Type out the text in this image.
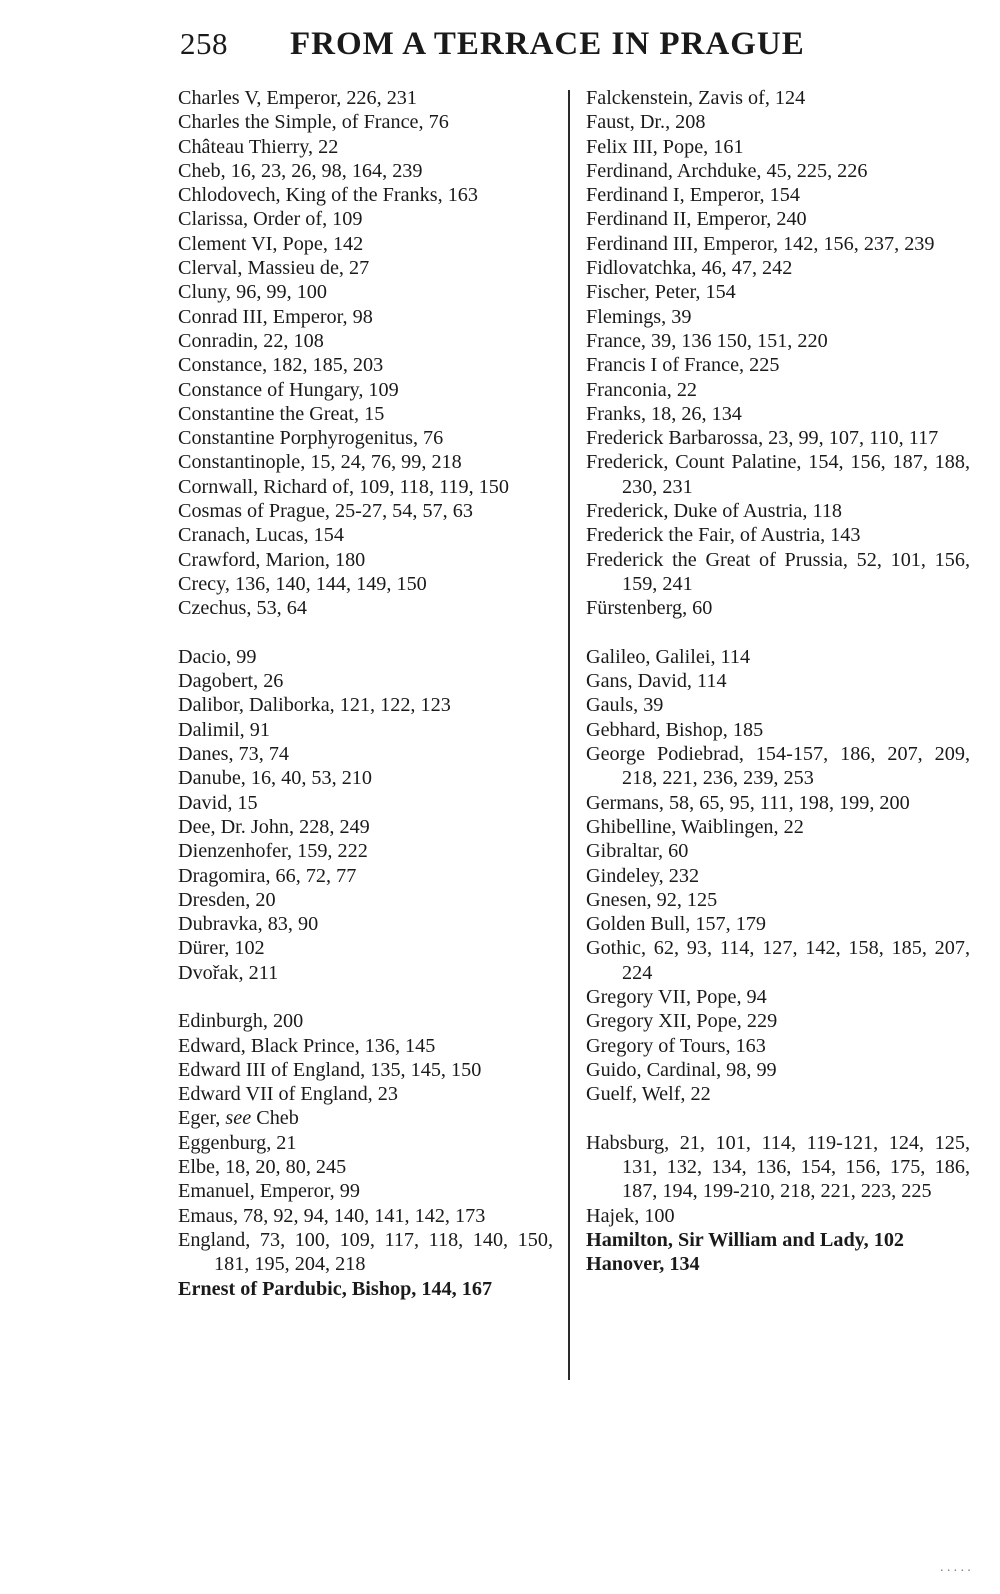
258 FROM A TERRACE IN PRAGUE
Charles V, Emperor, 226, 231
Charles the Simple, of France, 76
Château Thierry, 22
Cheb, 16, 23, 26, 98, 164, 239
Chlodovech, King of the Franks, 163
Clarissa, Order of, 109
Clement VI, Pope, 142
Clerval, Massieu de, 27
Cluny, 96, 99, 100
Conrad III, Emperor, 98
Conradin, 22, 108
Constance, 182, 185, 203
Constance of Hungary, 109
Constantine the Great, 15
Constantine Porphyrogenitus, 76
Constantinople, 15, 24, 76, 99, 218
Cornwall, Richard of, 109, 118, 119, 150
Cosmas of Prague, 25-27, 54, 57, 63
Cranach, Lucas, 154
Crawford, Marion, 180
Crecy, 136, 140, 144, 149, 150
Czechus, 53, 64
Dacio, 99
Dagobert, 26
Dalibor, Daliborka, 121, 122, 123
Dalimil, 91
Danes, 73, 74
Danube, 16, 40, 53, 210
David, 15
Dee, Dr. John, 228, 249
Dienzenhofer, 159, 222
Dragomira, 66, 72, 77
Dresden, 20
Dubravka, 83, 90
Dürer, 102
Dvořak, 211
Edinburgh, 200
Edward, Black Prince, 136, 145
Edward III of England, 135, 145, 150
Edward VII of England, 23
Eger, see Cheb
Eggenburg, 21
Elbe, 18, 20, 80, 245
Emanuel, Emperor, 99
Emaus, 78, 92, 94, 140, 141, 142, 173
England, 73, 100, 109, 117, 118, 140, 150, 181, 195, 204, 218
Ernest of Pardubic, Bishop, 144, 167
Falckenstein, Zavis of, 124
Faust, Dr., 208
Felix III, Pope, 161
Ferdinand, Archduke, 45, 225, 226
Ferdinand I, Emperor, 154
Ferdinand II, Emperor, 240
Ferdinand III, Emperor, 142, 156, 237, 239
Fidlovatchka, 46, 47, 242
Fischer, Peter, 154
Flemings, 39
France, 39, 136 150, 151, 220
Francis I of France, 225
Franconia, 22
Franks, 18, 26, 134
Frederick Barbarossa, 23, 99, 107, 110, 117
Frederick, Count Palatine, 154, 156, 187, 188, 230, 231
Frederick, Duke of Austria, 118
Frederick the Fair, of Austria, 143
Frederick the Great of Prussia, 52, 101, 156, 159, 241
Fürstenberg, 60
Galileo, Galilei, 114
Gans, David, 114
Gauls, 39
Gebhard, Bishop, 185
George Podiebrad, 154-157, 186, 207, 209, 218, 221, 236, 239, 253
Germans, 58, 65, 95, 111, 198, 199, 200
Ghibelline, Waiblingen, 22
Gibraltar, 60
Gindeley, 232
Gnesen, 92, 125
Golden Bull, 157, 179
Gothic, 62, 93, 114, 127, 142, 158, 185, 207, 224
Gregory VII, Pope, 94
Gregory XII, Pope, 229
Gregory of Tours, 163
Guido, Cardinal, 98, 99
Guelf, Welf, 22
Habsburg, 21, 101, 114, 119-121, 124, 125, 131, 132, 134, 136, 154, 156, 175, 186, 187, 194, 199-210, 218, 221, 223, 225
Hajek, 100
Hamilton, Sir William and Lady, 102
Hanover, 134
.....
